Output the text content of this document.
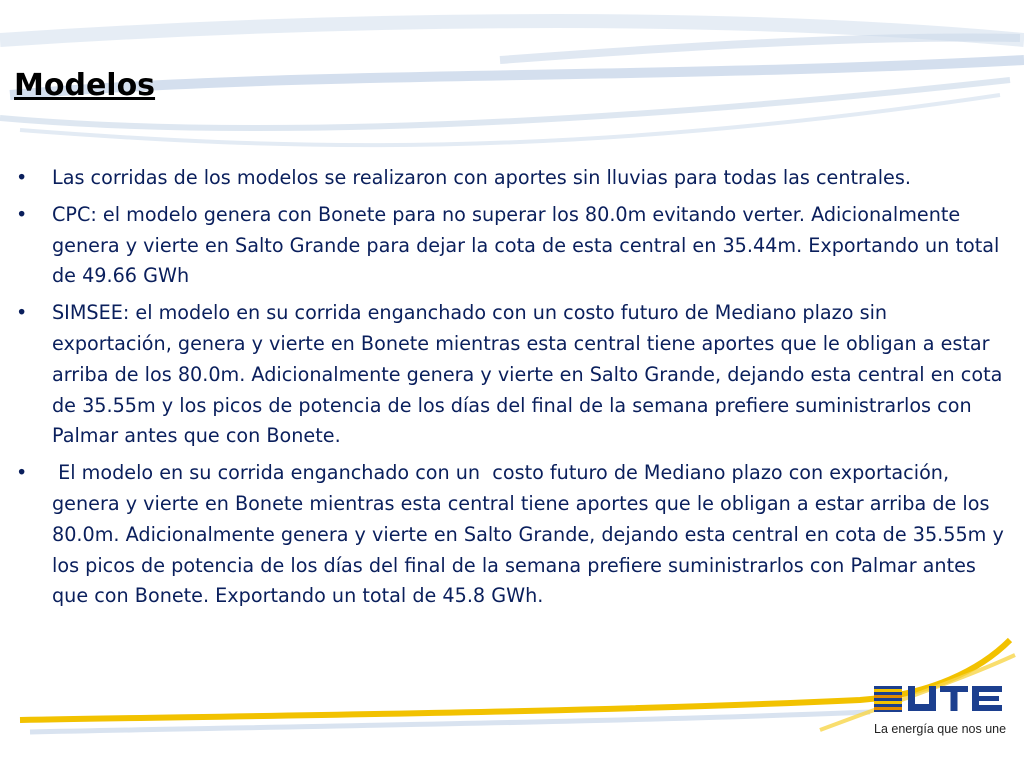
Modelos
• Las corridas de los modelos se realizaron con aportes sin lluvias para todas las centrales.
• CPC: el modelo genera con Bonete para no superar los 80.0m evitando verter. Adicionalmente genera y vierte en Salto Grande para dejar la cota de esta central en 35.44m. Exportando un total de 49.66 GWh
• SIMSEE: el modelo en su corrida enganchado con un costo futuro de Mediano plazo sin exportación, genera y vierte en Bonete mientras esta central tiene aportes que le obligan a estar arriba de los 80.0m. Adicionalmente genera y vierte en Salto Grande, dejando esta central en cota de 35.55m y los picos de potencia de los días del final de la semana prefiere suministrarlos con Palmar antes que con Bonete.
• El modelo en su corrida enganchado con un  costo futuro de Mediano plazo con exportación, genera y vierte en Bonete mientras esta central tiene aportes que le obligan a estar arriba de los 80.0m. Adicionalmente genera y vierte en Salto Grande, dejando esta central en cota de 35.55m y los picos de potencia de los días del final de la semana prefiere suministrarlos con Palmar antes que con Bonete. Exportando un total de 45.8 GWh.
La energía que nos une
